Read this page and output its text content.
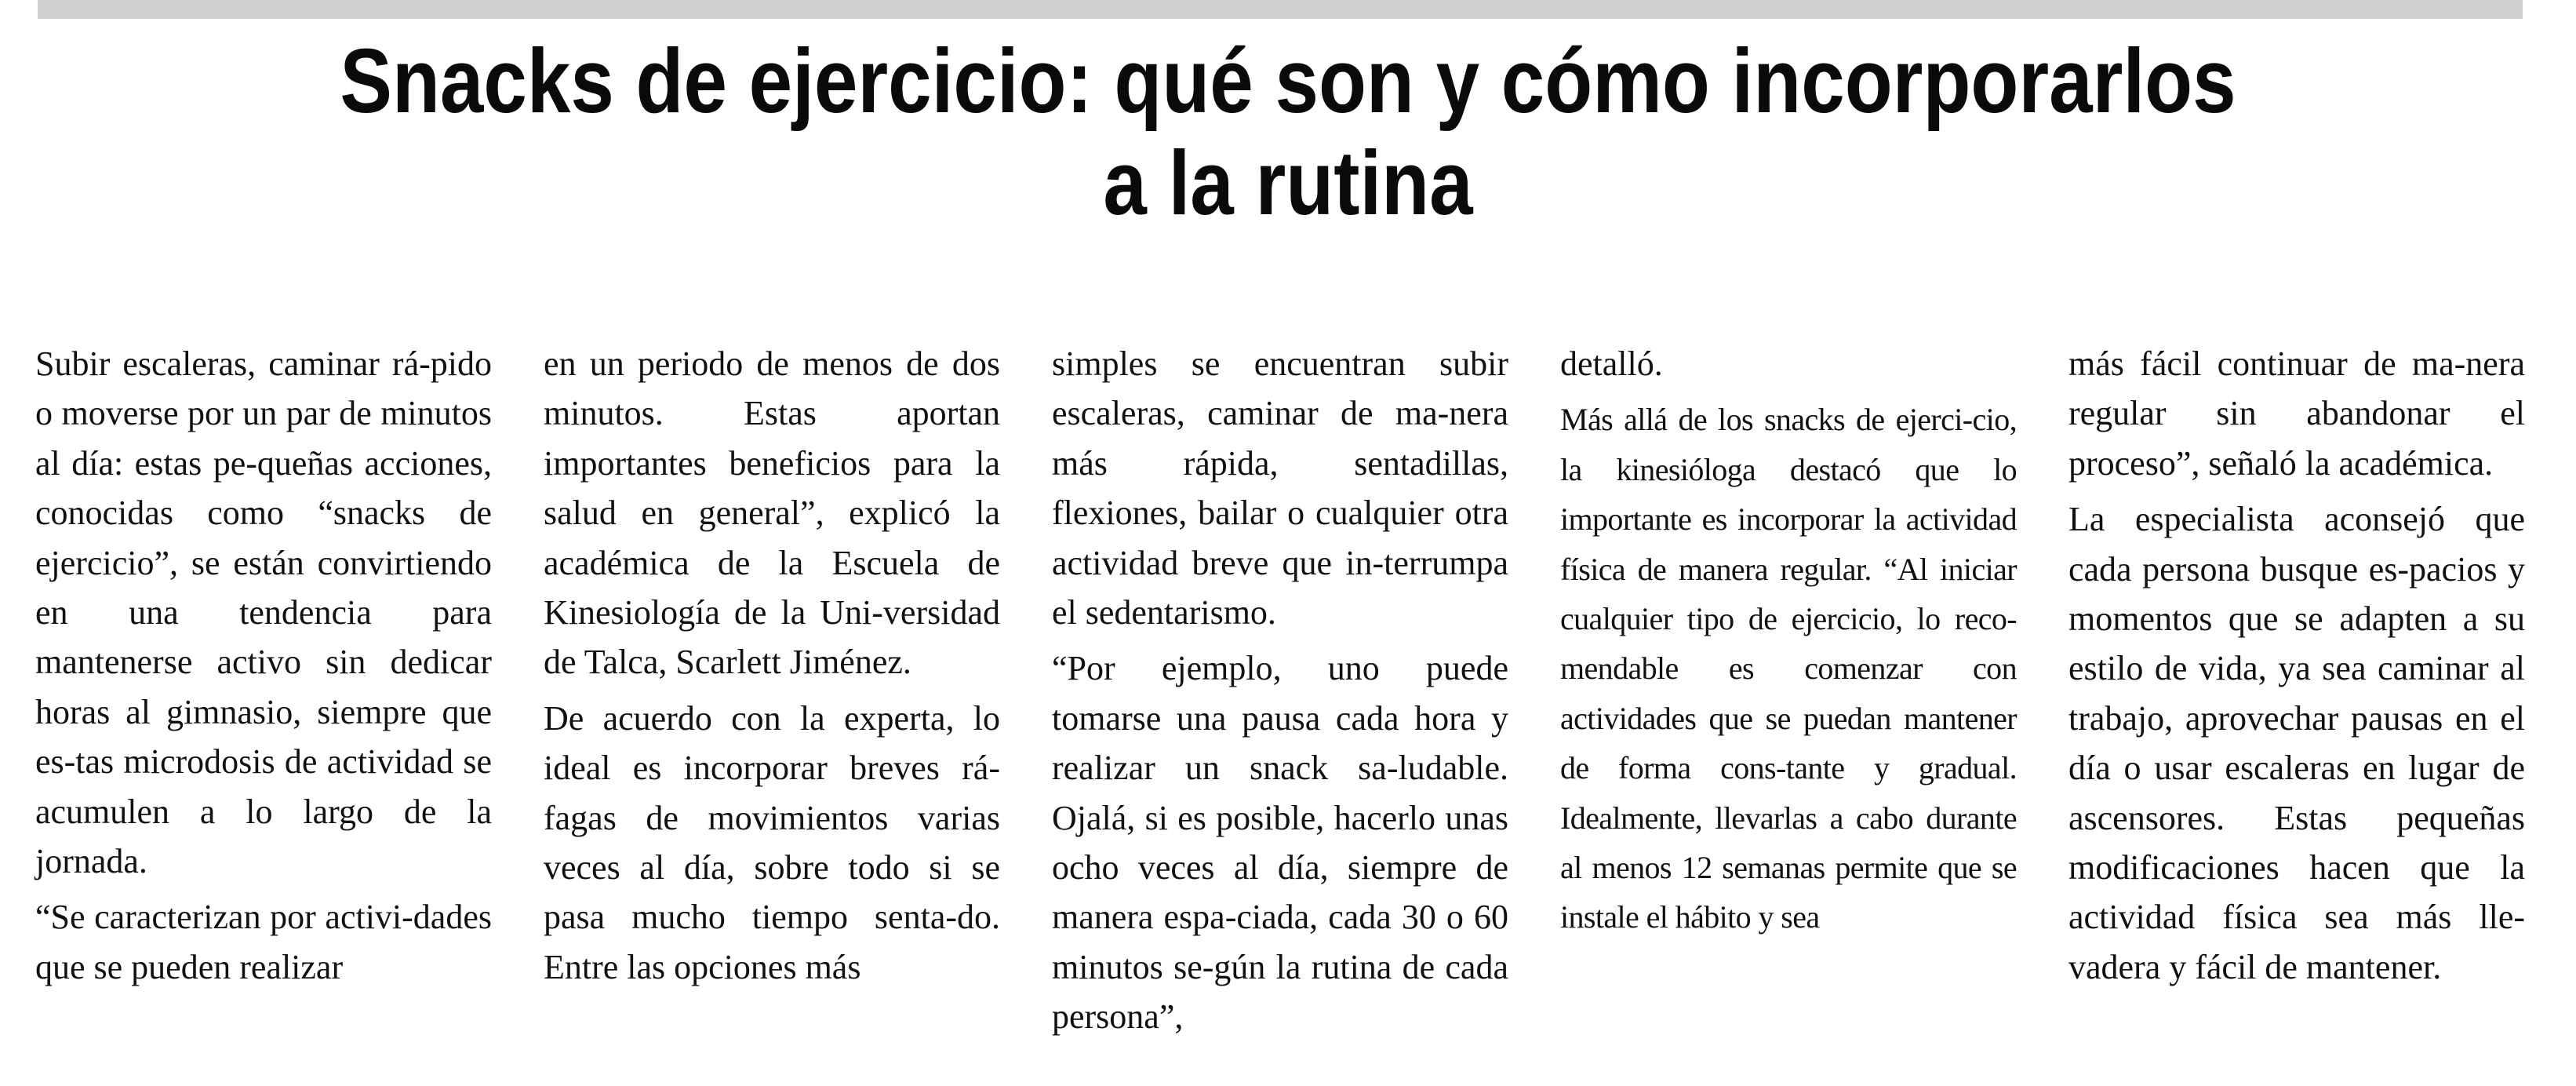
Snacks de ejercicio: qué son y cómo incorporarlos
a la rutina

Subir escaleras, caminar rá-pido o moverse por un par de minutos al día: estas pe-queñas acciones, conocidas como “snacks de ejercicio”, se están convirtiendo en una tendencia para mantenerse activo sin dedicar horas al gimnasio, siempre que es-tas microdosis de actividad se acumulen a lo largo de la jornada.

“Se caracterizan por activi-dades que se pueden realizar

en un periodo de menos de dos minutos. Estas aportan importantes beneficios para la salud en general”, explicó la académica de la Escuela de Kinesiología de la Uni-versidad de Talca, Scarlett Jiménez.

De acuerdo con la experta, lo ideal es incorporar breves rá-fagas de movimientos varias veces al día, sobre todo si se pasa mucho tiempo senta-do. Entre las opciones más

simples se encuentran subir escaleras, caminar de ma-nera más rápida, sentadillas, flexiones, bailar o cualquier otra actividad breve que in-terrumpa el sedentarismo.

“Por ejemplo, uno puede tomarse una pausa cada hora y realizar un snack sa-ludable. Ojalá, si es posible, hacerlo unas ocho veces al día, siempre de manera espa-ciada, cada 30 o 60 minutos se-gún la rutina de cada persona”,

detalló.

Más allá de los snacks de ejerci-cio, la kinesióloga destacó que lo importante es incorporar la actividad física de manera regular. “Al iniciar cualquier tipo de ejercicio, lo reco-mendable es comenzar con actividades que se puedan mantener de forma cons-tante y gradual. Idealmente, llevarlas a cabo durante al menos 12 semanas permite que se instale el hábito y sea

más fácil continuar de ma-nera regular sin abandonar el proceso”, señaló la académica.

La especialista aconsejó que cada persona busque es-pacios y momentos que se adapten a su estilo de vida, ya sea caminar al trabajo, aprovechar pausas en el día o usar escaleras en lugar de ascensores. Estas pequeñas modificaciones hacen que la actividad física sea más lle-vadera y fácil de mantener.
